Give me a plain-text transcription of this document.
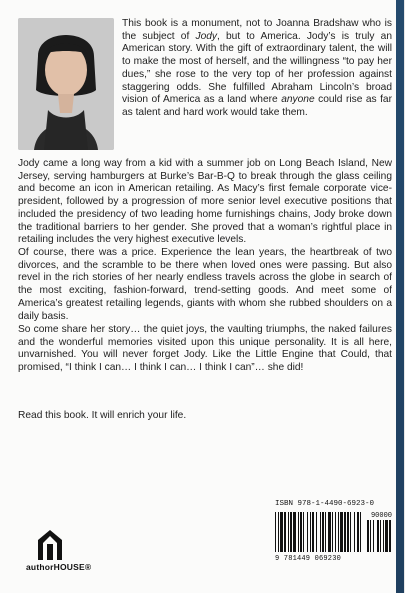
This book is a monument, not to Joanna Bradshaw who is the subject of Jody, but to America. Jody’s is truly an American story. With the gift of extraordinary talent, the will to make the most of herself, and the willingness “to pay her dues,” she rose to the very top of her profession against staggering odds. She fulfilled Abraham Lincoln’s broad vision of America as a land where anyone could rise as far as talent and hard work would take them.

Jody came a long way from a kid with a summer job on Long Beach Island, New Jersey, serving hamburgers at Burke’s Bar-B-Q to break through the glass ceiling and become an icon in American retailing. As Macy’s first female corporate vice-president, followed by a progression of more senior level executive positions that included the presidency of two leading home furnishings chains, Jody broke down the traditional barriers to her gender. She proved that a woman’s rightful place in retailing includes the very highest executive levels.

Of course, there was a price. Experience the lean years, the heartbreak of two divorces, and the scramble to be there when loved ones were passing. But also revel in the rich stories of her nearly endless travels across the globe in search of the most exciting, fashion-forward, trend-setting goods. And meet some of America’s greatest retailing legends, giants with whom she rubbed shoulders on a daily basis.

So come share her story… the quiet joys, the vaulting triumphs, the naked failures and the wonderful memories visited upon this unique personality. It is all here, unvarnished. You will never forget Jody. Like the Little Engine that Could, that promised, “I think I can… I think I can… I think I can”… she did!

Read this book. It will enrich your life.

authorHOUSE®
ISBN 978-1-4490-6923-0
9 781449 069230
90000
